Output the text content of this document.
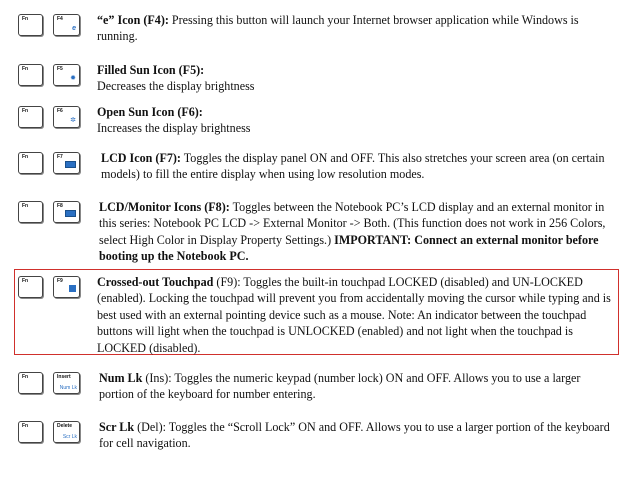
Fn	F4
e
“e” Icon (F4): Pressing this button will launch your Internet browser application while Windows is running.
Fn	F5
✹
Filled Sun Icon (F5):
Decreases the display brightness
Fn	F6
✲
Open Sun Icon (F6):
Increases the display brightness
Fn	F7	LCD Icon (F7): Toggles the display panel ON and OFF. This also stretches your screen area (on certain models) to fill the entire display when using low resolution modes.
Fn	F8	LCD/Monitor Icons (F8): Toggles between the Notebook PC’s LCD display and an external monitor in this series: Notebook PC LCD -> External Monitor -> Both. (This function does not work in 256 Colors, select High Color in Display Property Settings.) IMPORTANT: Connect an external monitor before booting up the Notebook PC.
Fn	F9	Crossed-out Touchpad (F9): Toggles the built-in touchpad LOCKED (disabled) and UN-LOCKED (enabled). Locking the touchpad will prevent you from accidentally moving the cursor while typing and is best used with an external pointing device such as a mouse. Note: An indicator between the touchpad buttons will light when the touchpad is UNLOCKED (enabled) and not light when the touchpad is LOCKED (disabled).
Fn	Insert
Num Lk
Num Lk (Ins): Toggles the numeric keypad (number lock) ON and OFF. Allows you to use a larger portion of the keyboard for number entering.
Fn	Delete
Scr Lk
Scr Lk (Del): Toggles the “Scroll Lock” ON and OFF. Allows you to use a larger portion of the keyboard for cell navigation.
